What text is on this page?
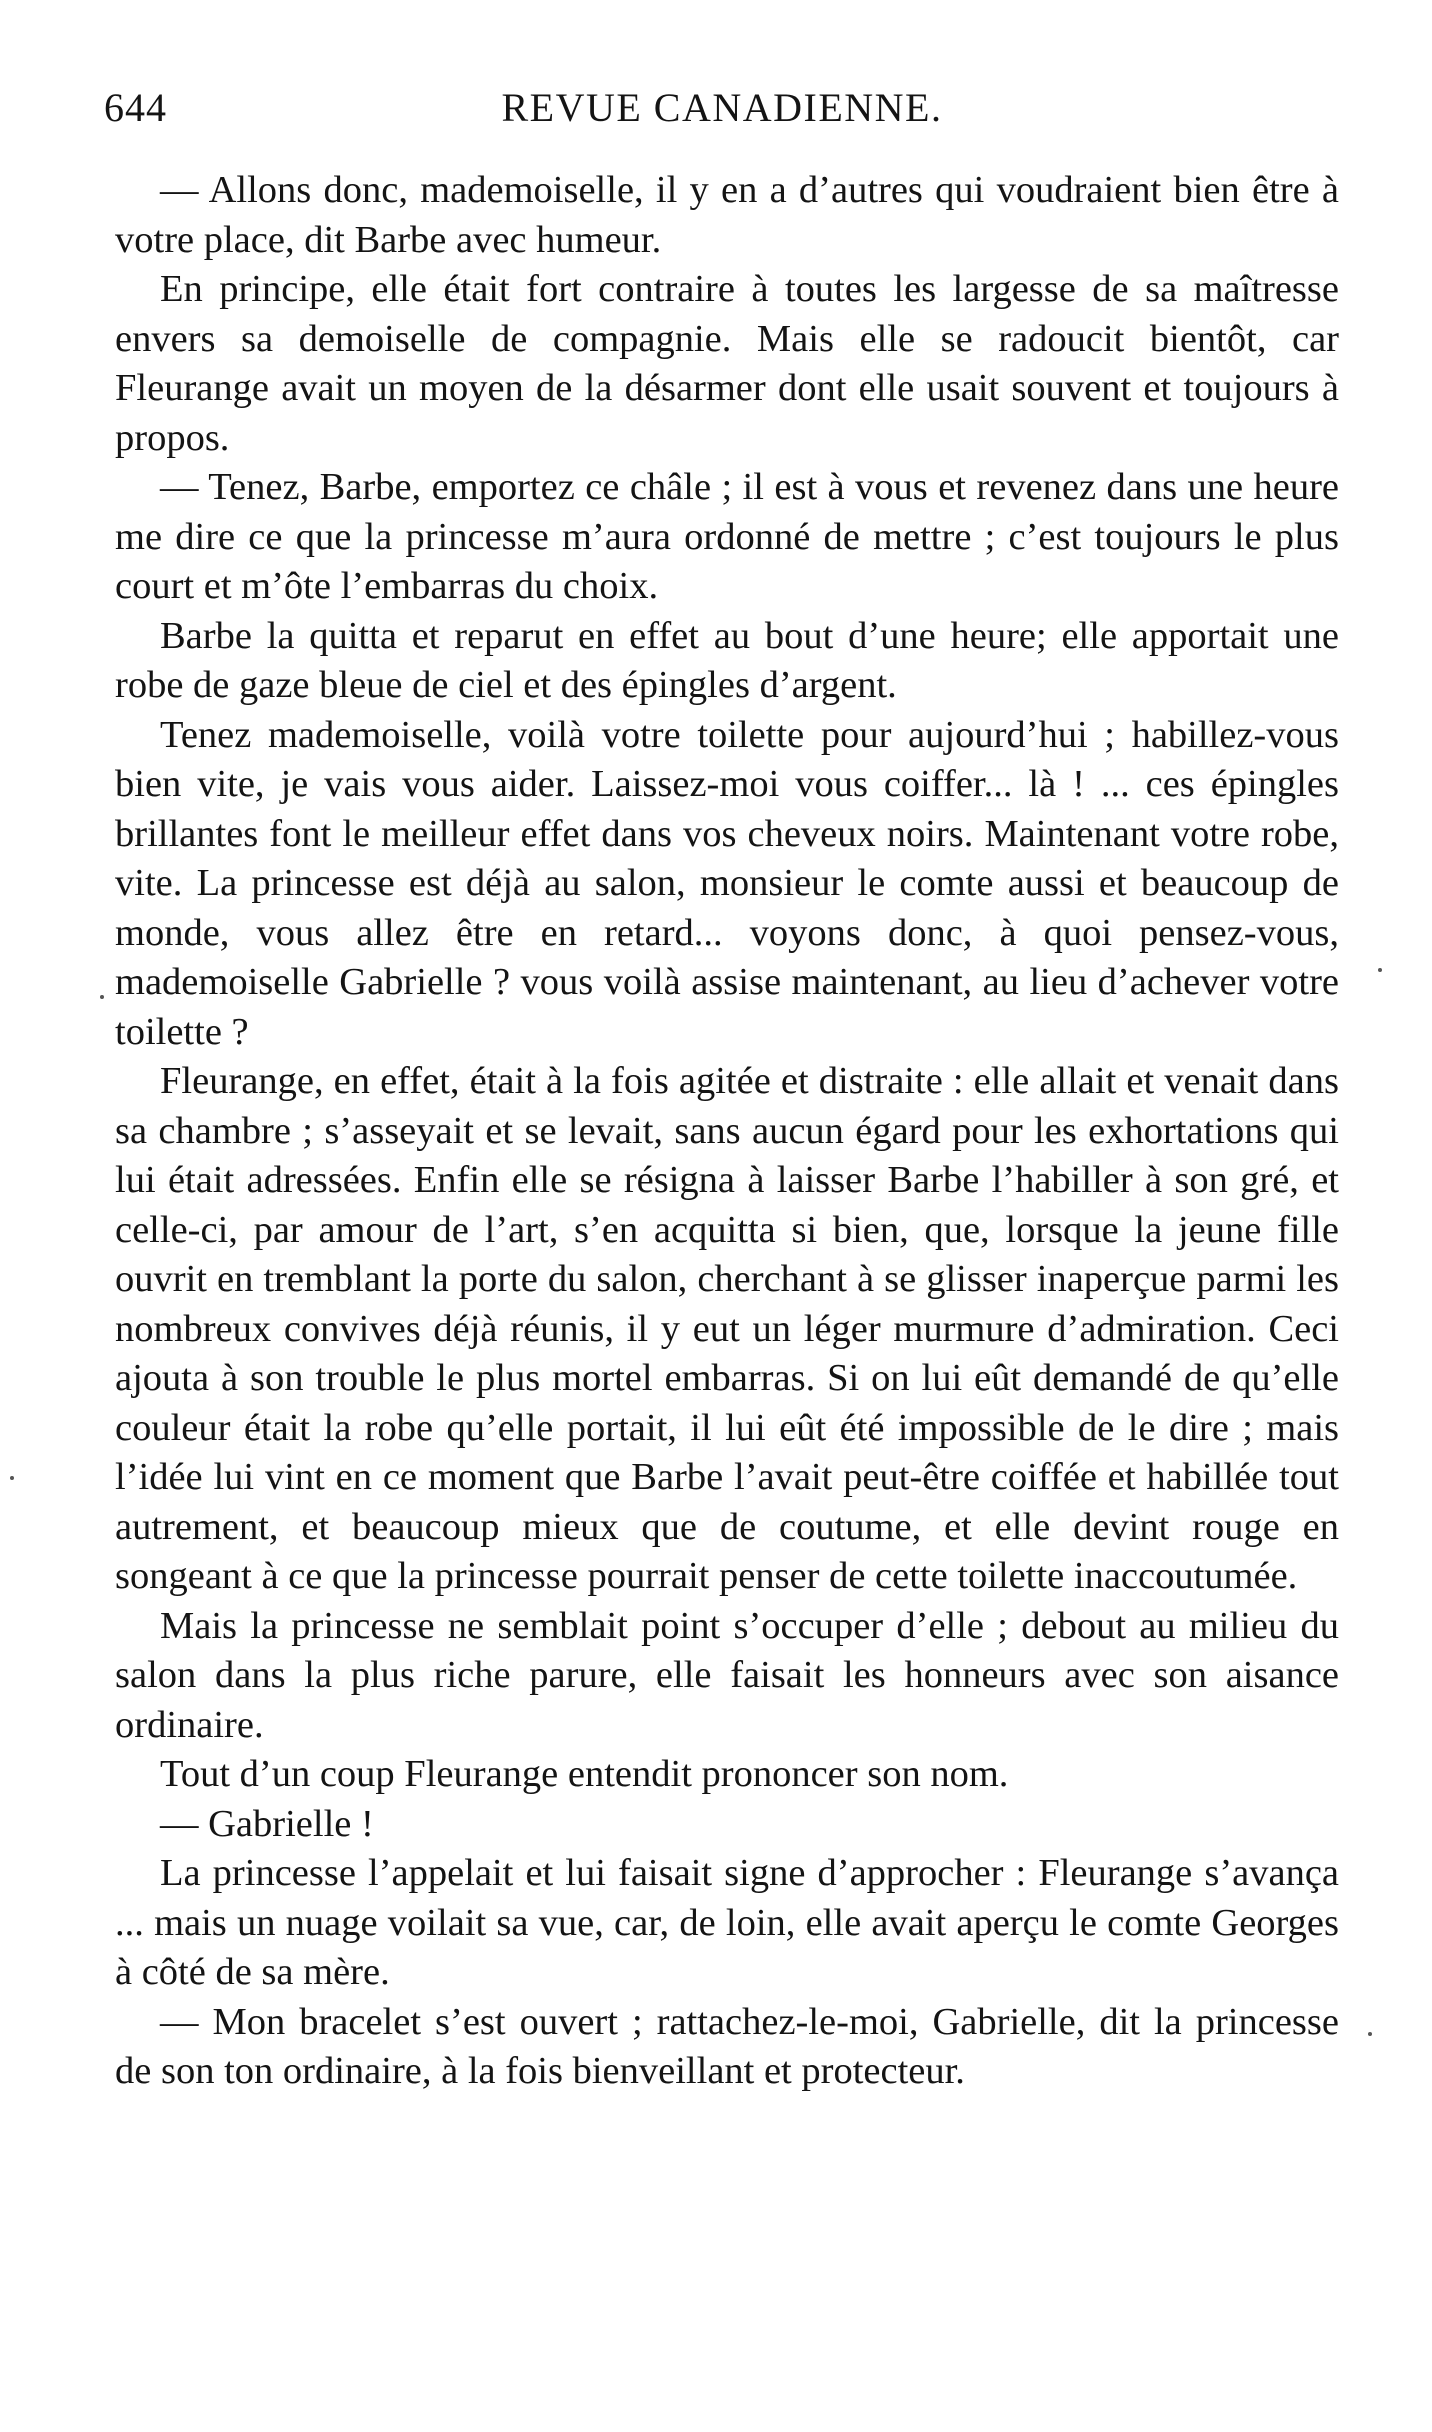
644	REVUE CANADIENNE.

— Allons donc, mademoiselle, il y en a d’autres qui voudraient bien être à votre place, dit Barbe avec humeur.

En principe, elle était fort contraire à toutes les largesse de sa maîtresse envers sa demoiselle de compagnie. Mais elle se radoucit bientôt, car Fleurange avait un moyen de la désarmer dont elle usait souvent et toujours à propos.

— Tenez, Barbe, emportez ce châle ; il est à vous et revenez dans une heure me dire ce que la princesse m’aura ordonné de mettre ; c’est toujours le plus court et m’ôte l’embarras du choix.

Barbe la quitta et reparut en effet au bout d’une heure; elle apportait une robe de gaze bleue de ciel et des épingles d’argent.

Tenez mademoiselle, voilà votre toilette pour aujourd’hui ; habillez-vous bien vite, je vais vous aider. Laissez-moi vous coiffer... là ! ... ces épingles brillantes font le meilleur effet dans vos cheveux noirs. Maintenant votre robe, vite. La princesse est déjà au salon, monsieur le comte aussi et beaucoup de monde, vous allez être en retard... voyons donc, à quoi pensez-vous, mademoiselle Gabrielle ? vous voilà assise maintenant, au lieu d’achever votre toilette ?

Fleurange, en effet, était à la fois agitée et distraite : elle allait et venait dans sa chambre ; s’asseyait et se levait, sans aucun égard pour les exhortations qui lui était adressées. Enfin elle se résigna à laisser Barbe l’habiller à son gré, et celle-ci, par amour de l’art, s’en acquitta si bien, que, lorsque la jeune fille ouvrit en tremblant la porte du salon, cherchant à se glisser inaperçue parmi les nombreux convives déjà réunis, il y eut un léger murmure d’admiration. Ceci ajouta à son trouble le plus mortel embarras. Si on lui eût demandé de qu’elle couleur était la robe qu’elle portait, il lui eût été impossible de le dire ; mais l’idée lui vint en ce moment que Barbe l’avait peut-être coiffée et habillée tout autrement, et beaucoup mieux que de coutume, et elle devint rouge en songeant à ce que la princesse pourrait penser de cette toilette inaccoutumée.

Mais la princesse ne semblait point s’occuper d’elle ; debout au milieu du salon dans la plus riche parure, elle faisait les honneurs avec son aisance ordinaire.

Tout d’un coup Fleurange entendit prononcer son nom.

— Gabrielle !

La princesse l’appelait et lui faisait signe d’approcher : Fleurange s’avança ... mais un nuage voilait sa vue, car, de loin, elle avait aperçu le comte Georges à côté de sa mère.

— Mon bracelet s’est ouvert ; rattachez-le-moi, Gabrielle, dit la princesse de son ton ordinaire, à la fois bienveillant et protecteur.
